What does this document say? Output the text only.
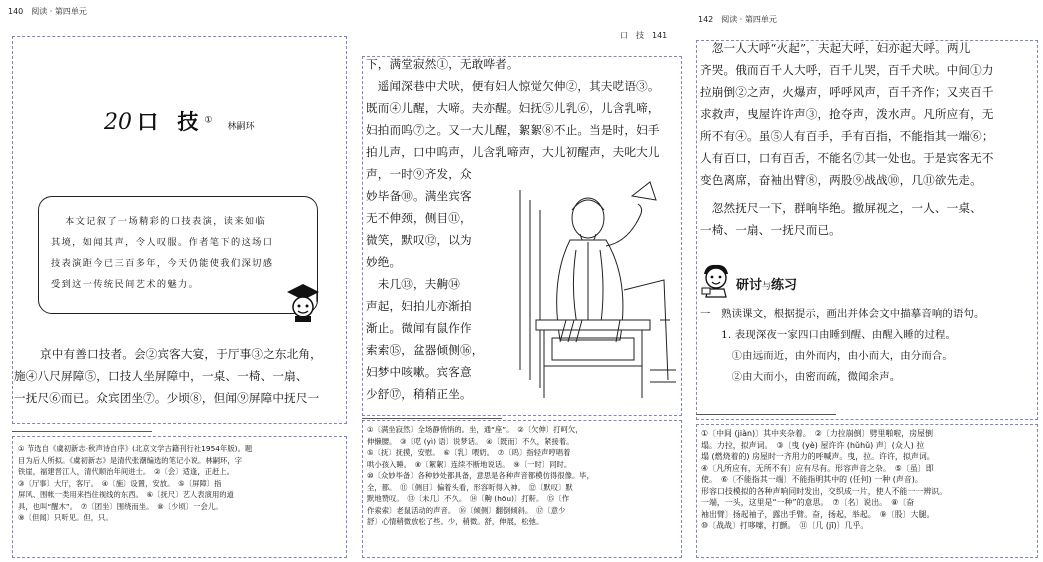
140　阅读 · 第四单元
20 口 技① 林嗣环
本文记叙了一场精彩的口技表演，读来如临
其境，如闻其声，令人叹服。作者笔下的这场口
技表演距今已三百多年，今天仍能使我们深切感
受到这一传统民间艺术的魅力。
京中有善口技者。会②宾客大宴，于厅事③之东北角，
施④八尺屏障⑤，口技人坐屏障中，一桌、一椅、一扇、
一抚尺⑥而已。众宾团坐⑦。少顷⑧，但闻⑨屏障中抚尺一
① 节选自《虞初新志·秋声诗自序》(北京文学古籍刊行社1954年版)。题
目为后人所拟。《虞初新志》是清代张潮编选的笔记小说。林嗣环，字
铁崖，福建晋江人，清代顺治年间进士。　②〔会〕适逢，正赶上。
③〔厅事〕大厅，客厅。　④〔施〕设置，安放。　⑤〔屏障〕指
屏风、围帐一类用来挡住视线的东西。　⑥〔抚尺〕艺人表演用的道
具，也叫“醒木”。　⑦〔团坐〕围绕而坐。　⑧〔少顷〕一会儿。
⑨〔但闻〕只听见。但，只。
口　技　141
下，满堂寂然①，无敢哗者。
　遥闻深巷中犬吠，便有妇人惊觉欠伸②，其夫呓语③。
既而④儿醒，大啼。夫亦醒。妇抚⑤儿乳⑥，儿含乳啼，
妇拍而呜⑦之。又一大儿醒，絮絮⑧不止。当是时，妇手
拍儿声，口中呜声，儿含乳啼声，大儿初醒声，夫叱大儿
声，一时⑨齐发，众
妙毕备⑩。满坐宾客
无不伸颈，侧目⑪，
微笑，默叹⑫，以为
妙绝。
　未几⑬，夫齁⑭
声起，妇拍儿亦渐拍
渐止。微闻有鼠作作
索索⑮，盆器倾侧⑯，
妇梦中咳嗽。宾客意
少舒⑰，稍稍正坐。
①〔满坐寂然〕全场静悄悄的。坐，通“座”。　②〔欠伸〕打呵欠，
伸懒腰。　③〔呓 (yì) 语〕说梦话。　④〔既而〕不久，紧接着。
⑤〔抚〕抚摸，安慰。　⑥〔乳〕喂奶。　⑦〔呜〕指轻声哼唱着
哄小孩入睡。　⑧〔絮絮〕连续不断地说话。　⑨〔一时〕同时。
⑩〔众妙毕备〕各种妙处都具备，意思是各种声音都模仿得很像。毕，
全，都。　⑪〔侧目〕偏着头看，形容听得入神。　⑫〔默叹〕默
默地赞叹。　⑬〔未几〕不久。　⑭〔齁 (hōu)〕打鼾。　⑮〔作
作索索〕老鼠活动的声音。　⑯〔倾侧〕翻倒倾斜。　⑰〔意少
舒〕心情稍微放松了些。少，稍微。舒，伸展，松弛。
142　阅读 · 第四单元
　忽一人大呼“火起”，夫起大呼，妇亦起大呼。两儿
齐哭。俄而百千人大呼，百千儿哭，百千犬吠。中间①力
拉崩倒②之声，火爆声，呼呼风声，百千齐作；又夹百千
求救声，曳屋许许声③，抢夺声，泼水声。凡所应有，无
所不有④。虽⑤人有百手，手有百指，不能指其一端⑥；
人有百口，口有百舌，不能名⑦其一处也。于是宾客无不
变色离席，奋袖出臂⑧，两股⑨战战⑩，几⑪欲先走。
　忽然抚尺一下，群响毕绝。撤屏视之，一人、一桌、
一椅、一扇、一抚尺而已。
研讨与练习
一　熟读课文，根据提示，画出并体会文中描摹音响的语句。
　　1. 表现深夜一家四口由睡到醒、由醒入睡的过程。
　　　①由远而近，由外而内，由小而大，由分而合。
　　　②由大而小，由密而疏，微闻余声。
①〔中间 (jiàn)〕其中夹杂着。　②〔力拉崩倒〕劈里啪啦，房屋倒
塌。力拉，拟声词。　③〔曳 (yè) 屋许许 (hǔhǔ) 声〕(众人) 拉
塌 (燃烧着的) 房屋时一齐用力的呼喊声。曳，拉。许许，拟声词。
④〔凡所应有，无所不有〕应有尽有。形容声音之杂。　⑤〔虽〕即
使。　⑥〔不能指其一端〕不能指明其中的 (任何) 一种 (声音)。
形容口技模拟的各种声响同时发出，交织成一片，使人不能一一辨识。
一端，一头，这里是“一种”的意思。　⑦〔名〕说出。　⑧〔奋
袖出臂〕扬起袖子，露出手臂。奋，扬起，举起。　⑨〔股〕大腿。
⑩〔战战〕打哆嗦，打颤。　⑪〔几 (jī)〕几乎。
